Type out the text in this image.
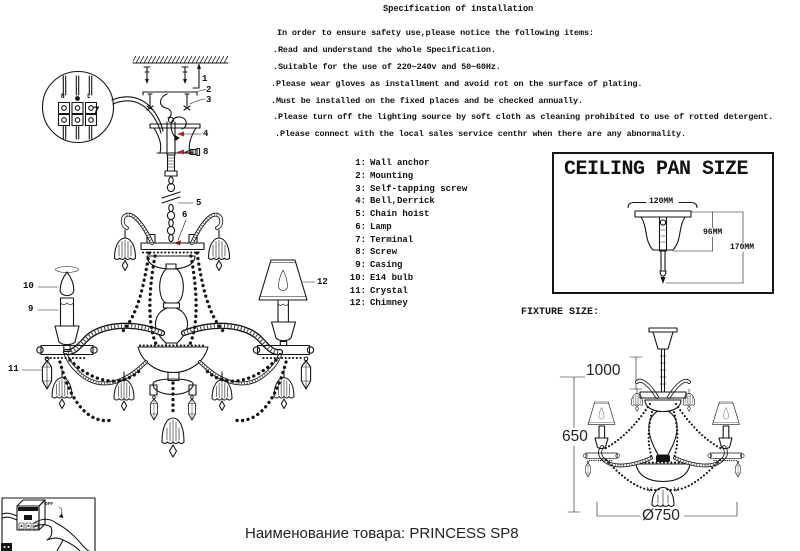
Specification of installation
In order to ensure safety use,please notice the following items:
.Read and understand the whole Specification.
.Suitable for the use of 220~240v and 50~60Hz.
.Please wear gloves as installment and avoid rot on the surface of plating.
.Must be installed on the fixed places and be checked annually.
.Please turn off the lighting source by soft cloth as cleaning prohibited to use of rotted detergent.
.Please connect with the local sales service centhr when there are any abnormality.
1: Wall anchor
2: Mounting
3: Self-tapping screw
4: Bell,Derrick
5: Chain hoist
6: Lamp
7: Terminal
8: Screw
9: Casing
10: E14 bulb
11: Crystal
12: Chimney
CEILING PAN SIZE
120MM
96MM
170MM
FIXTURE SIZE:
1000
650
Ø750
1
2
3
4
8
5
6
7
10
9
11
12
N	L
OFF
Наименование товара: PRINCESS SP8
